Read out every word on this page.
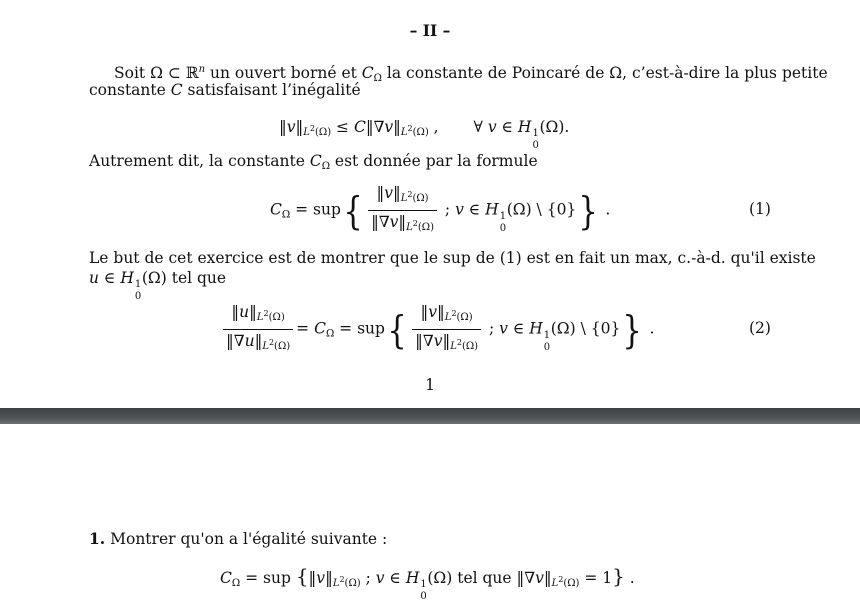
– II –
Soit Ω ⊂ ℝ$^n$ un ouvert borné et $C_\Omega$ la constante de Poincaré de Ω, c’est-à-dire la plus petite
constante C satisfaisant l’inégalité
$‖v‖_{L^2(\Omega)}$ ≤ $C‖\nabla v‖_{L^2(\Omega)}$ , ∀ v ∈ H 1
0
(Ω).
Autrement dit, la constante $C_\Omega$ est donnée par la formule
$C_\Omega = sup\{ \frac{‖v‖_{L^2(\Omega)}}{‖\nabla v‖_{L^2(\Omega)}}$ ; v ∈ H 1
0
(Ω) \ {0}} .	(1)
Le but de cet exercice est de montrer que le sup de (1) est en fait un max, c.-à-d. qu'il existe
u ∈ H 1
0
(Ω) tel que
$\frac{‖u‖_{L^2(\Omega)}}{‖\nabla u‖_{L^2(\Omega)}} = C_\Omega = sup\{ \frac{‖v‖_{L^2(\Omega)}}{‖\nabla v‖_{L^2(\Omega)}}$ ; v ∈ H 1
0
(Ω) \ {0}} .	(2)
1
1. Montrer qu'on a l'égalité suivante :
$C_\Omega$ = sup {$‖v‖_{L^2(\Omega)}$ ; v ∈ H 1
0
(Ω) tel que $‖\nabla v‖_{L^2(\Omega)} = 1$} .
